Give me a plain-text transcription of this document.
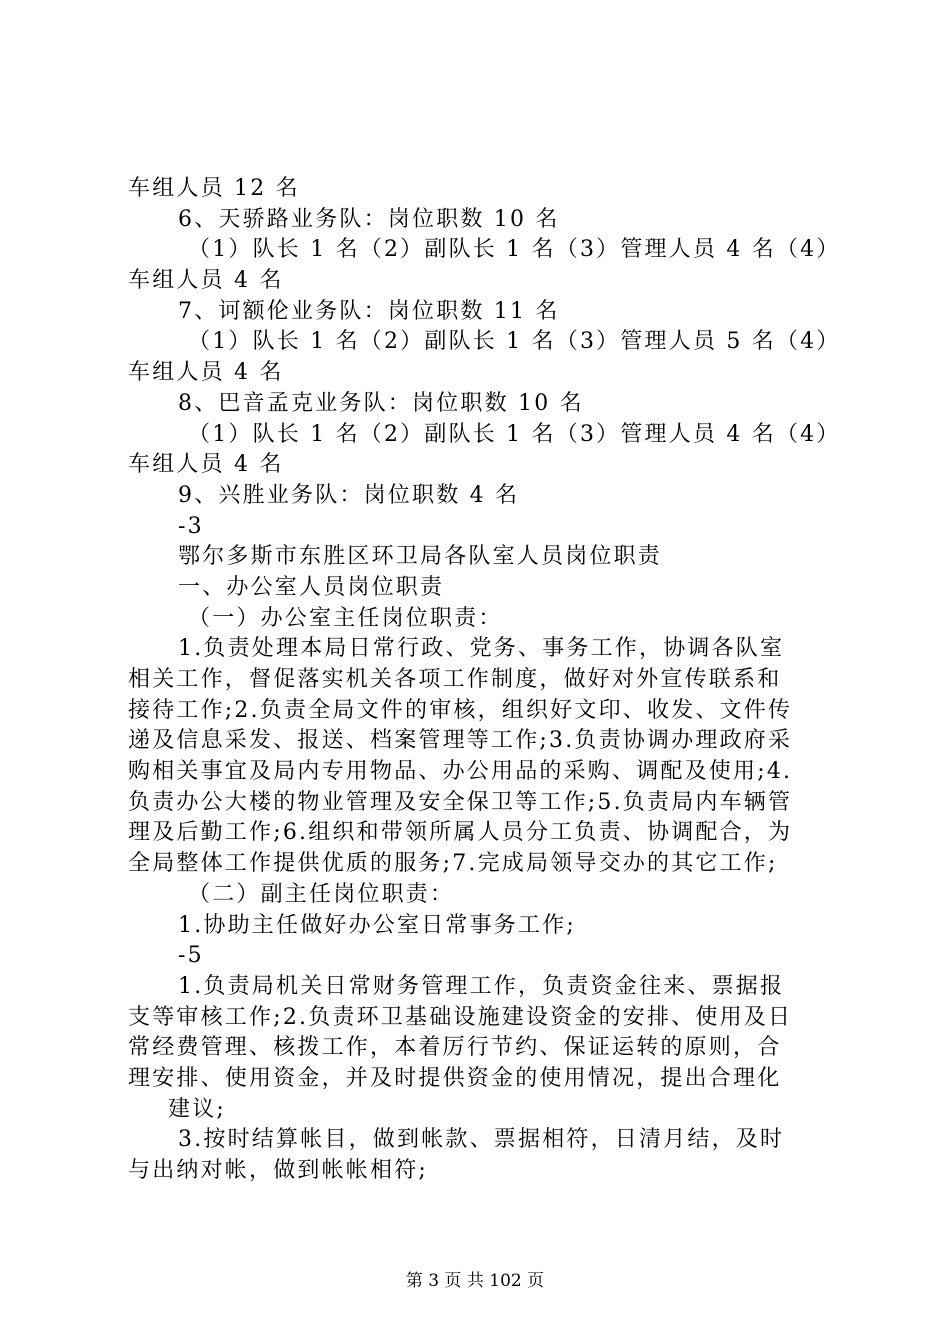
车组人员 12 名
6、天骄路业务队：岗位职数 10 名
（1）队长 1 名（2）副队长 1 名（3）管理人员 4 名（4）
车组人员 4 名
7、诃额伦业务队：岗位职数 11 名
（1）队长 1 名（2）副队长 1 名（3）管理人员 5 名（4）
车组人员 4 名
8、巴音孟克业务队：岗位职数 10 名
（1）队长 1 名（2）副队长 1 名（3）管理人员 4 名（4）
车组人员 4 名
9、兴胜业务队：岗位职数 4 名
-3
鄂尔多斯市东胜区环卫局各队室人员岗位职责
一、办公室人员岗位职责
（一）办公室主任岗位职责：
1.负责处理本局日常行政、党务、事务工作，协调各队室
相关工作，督促落实机关各项工作制度，做好对外宣传联系和
接待工作;2.负责全局文件的审核，组织好文印、收发、文件传
递及信息采发、报送、档案管理等工作;3.负责协调办理政府采
购相关事宜及局内专用物品、办公用品的采购、调配及使用;4.
负责办公大楼的物业管理及安全保卫等工作;5.负责局内车辆管
理及后勤工作;6.组织和带领所属人员分工负责、协调配合，为
全局整体工作提供优质的服务;7.完成局领导交办的其它工作;
（二）副主任岗位职责：
1.协助主任做好办公室日常事务工作;
-5
1.负责局机关日常财务管理工作，负责资金往来、票据报
支等审核工作;2.负责环卫基础设施建设资金的安排、使用及日
常经费管理、核拨工作，本着厉行节约、保证运转的原则，合
理安排、使用资金，并及时提供资金的使用情况，提出合理化
建议;
3.按时结算帐目，做到帐款、票据相符，日清月结，及时
与出纳对帐，做到帐帐相符;
第 3 页 共 102 页
